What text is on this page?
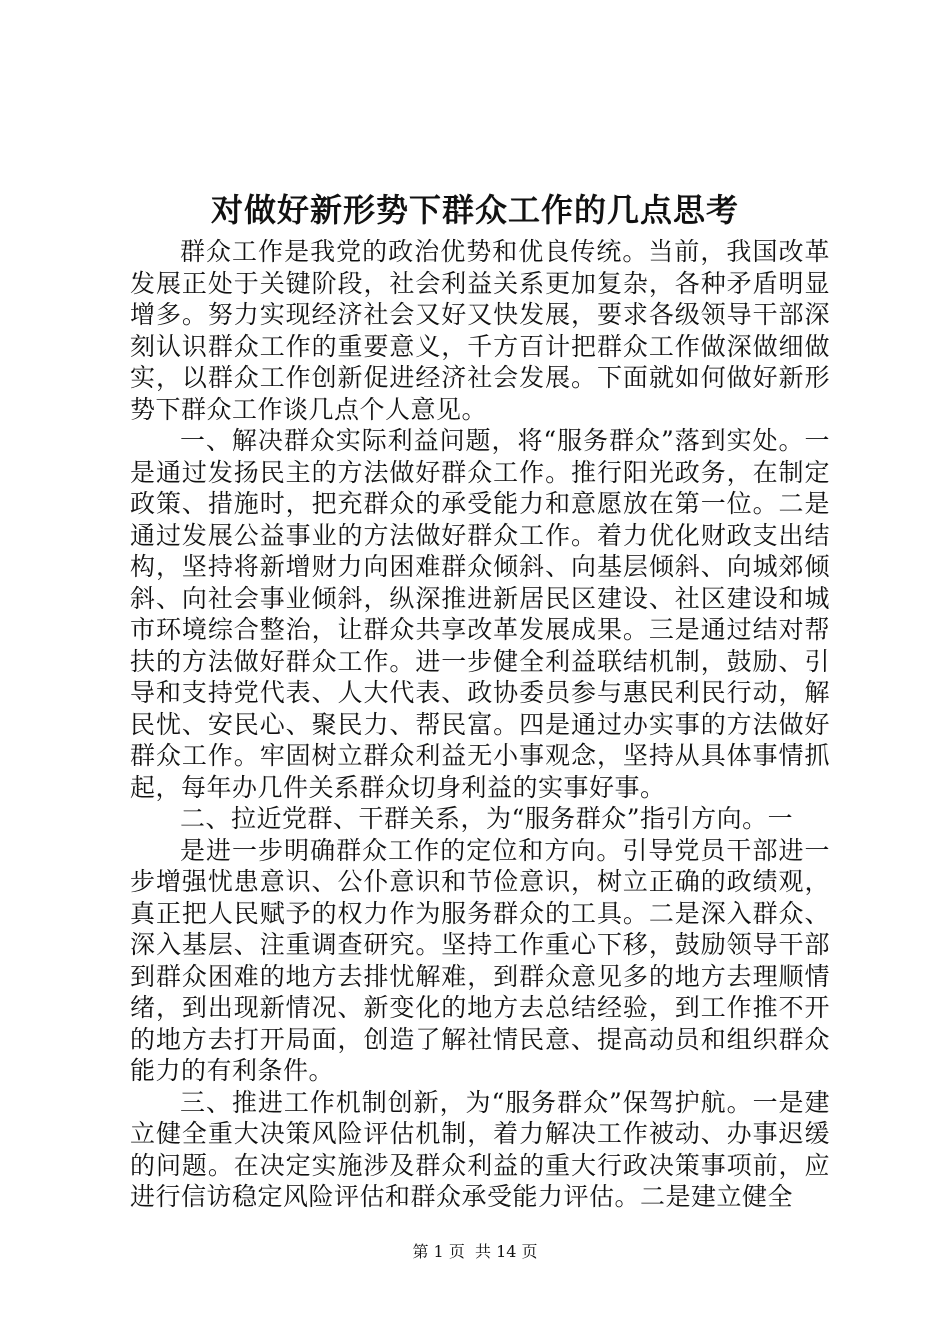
对做好新形势下群众工作的几点思考

群众工作是我党的政治优势和优良传统。当前，我国改革发展正处于关键阶段，社会利益关系更加复杂，各种矛盾明显增多。努力实现经济社会又好又快发展，要求各级领导干部深刻认识群众工作的重要意义，千方百计把群众工作做深做细做实，以群众工作创新促进经济社会发展。下面就如何做好新形势下群众工作谈几点个人意见。

一、解决群众实际利益问题，将“服务群众”落到实处。一是通过发扬民主的方法做好群众工作。推行阳光政务，在制定政策、措施时，把充群众的承受能力和意愿放在第一位。二是通过发展公益事业的方法做好群众工作。着力优化财政支出结构，坚持将新增财力向困难群众倾斜、向基层倾斜、向城郊倾斜、向社会事业倾斜，纵深推进新居民区建设、社区建设和城市环境综合整治，让群众共享改革发展成果。三是通过结对帮扶的方法做好群众工作。进一步健全利益联结机制，鼓励、引导和支持党代表、人大代表、政协委员参与惠民利民行动，解民忧、安民心、聚民力、帮民富。四是通过办实事的方法做好群众工作。牢固树立群众利益无小事观念，坚持从具体事情抓起，每年办几件关系群众切身利益的实事好事。

二、拉近党群、干群关系，为“服务群众”指引方向。一

是进一步明确群众工作的定位和方向。引导党员干部进一步增强忧患意识、公仆意识和节俭意识，树立正确的政绩观，真正把人民赋予的权力作为服务群众的工具。二是深入群众、深入基层、注重调查研究。坚持工作重心下移，鼓励领导干部到群众困难的地方去排忧解难，到群众意见多的地方去理顺情绪，到出现新情况、新变化的地方去总结经验，到工作推不开的地方去打开局面，创造了解社情民意、提高动员和组织群众能力的有利条件。

三、推进工作机制创新，为“服务群众”保驾护航。一是建立健全重大决策风险评估机制，着力解决工作被动、办事迟缓的问题。在决定实施涉及群众利益的重大行政决策事项前，应进行信访稳定风险评估和群众承受能力评估。二是建立健全

第 1 页  共 14 页
